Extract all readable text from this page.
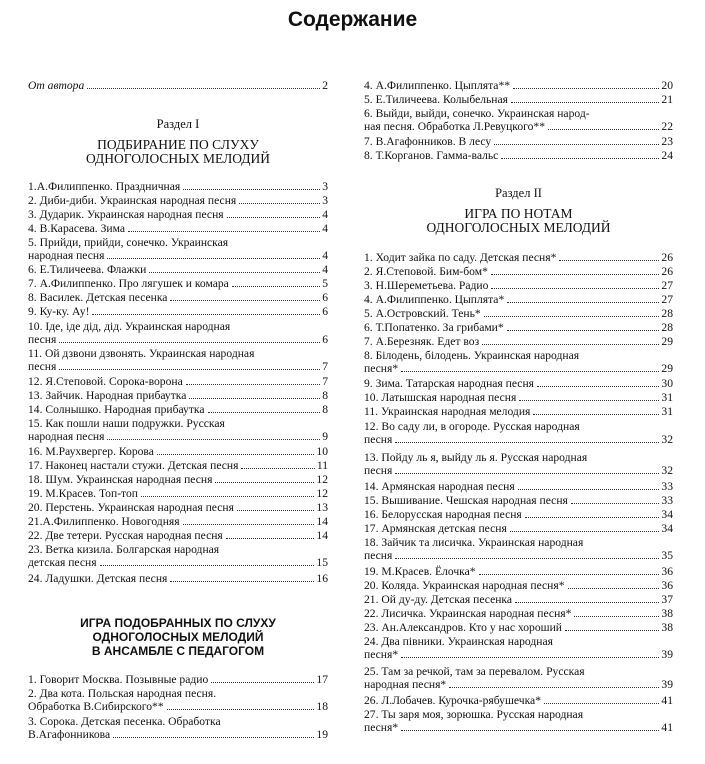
Содержание
От автора	2
Раздел I
ПОДБИРАНИЕ ПО СЛУХУ
ОДНОГОЛОСНЫХ МЕЛОДИЙ
1.А.Филиппенко. Праздничная	3
2. Диби-диби. Украинская народная песня	3
3. Дударик. Украинская народная песня	4
4. В.Карасева. Зима	4
5. Прийди, прийди, сонечко. Украинская
народная песня	4
6. Е.Тиличеева. Флажки	4
7. А.Филиппенко. Про лягушек и комара	5
8. Василек. Детская песенка	6
9. Ку-ку. Ау!	6
10. Іде, іде дід, дід. Украинская народная
песня	6
11. Ой дзвони дзвонять. Украинская народная
песня	7
12. Я.Степовой. Сорока-ворона	7
13. Зайчик. Народная прибаутка	8
14. Солнышко. Народная прибаутка	8
15. Как пошли наши подружки. Русская
народная песня	9
16. М.Раухвергер. Корова	10
17. Наконец настали стужи. Детская песня	11
18. Шум. Украинская народная песня	12
19. М.Красев. Топ-топ	12
20. Перстень. Украинская народная песня	13
21.А.Филиппенко. Новогодняя	14
22. Две тетери. Русская народная песня	14
23. Ветка кизила. Болгарская народная
детская песня	15
24. Ладушки. Детская песня	16
ИГРА ПОДОБРАННЫХ ПО СЛУХУ
ОДНОГОЛОСНЫХ МЕЛОДИЙ
В АНСАМБЛЕ С ПЕДАГОГОМ
1. Говорит Москва. Позывные радио	17
2. Два кота. Польская народная песня.
Обработка В.Сибирского**	18
3. Сорока. Детская песенка. Обработка
В.Агафонникова	19
4. А.Филиппенко. Цыплята**	20
5. Е.Тиличеева. Колыбельная	21
6. Выйди, выйди, сонечко. Украинская народ-
ная песня. Обработка Л.Ревуцкого**	22
7. В.Агафонников. В лесу	23
8. Т.Корганов. Гамма-вальс	24
Раздел II
ИГРА ПО НОТАМ
ОДНОГОЛОСНЫХ МЕЛОДИЙ
1. Ходит зайка по саду. Детская песня*	26
2. Я.Степовой. Бим-бом*	26
3. Н.Шереметьева. Радио	27
4. А.Филиппенко. Цыплята*	27
5. А.Островский. Тень*	28
6. Т.Попатенко. За грибами*	28
7. А.Березняк. Едет воз	29
8. Білодень, білодень. Украинская народная
песня*	29
9. Зима. Татарская народная песня	30
10. Латышская народная песня	31
11. Украинская народная мелодия	31
12. Во саду ли, в огороде. Русская народная
песня	32
13. Пойду ль я, выйду ль я. Русская народная
песня	32
14. Армянская народная песня	33
15. Вышивание. Чешская народная песня	33
16. Белорусская народная песня	34
17. Армянская детская песня	34
18. Зайчик та лисичка. Украинская народная
песня	35
19. М.Красев. Ёлочка*	36
20. Коляда. Украинская народная песня*	36
21. Ой ду-ду. Детская песенка	37
22. Лисичка. Украинская народная песня*	38
23. Ан.Александров. Кто у нас хороший	38
24. Два півники. Украинская народная
песня*	39
25. Там за речкой, там за перевалом. Русская
народная песня*	39
26. Л.Лобачев. Курочка-рябушечка*	41
27. Ты заря моя, зорюшка. Русская народная
песня*	41
